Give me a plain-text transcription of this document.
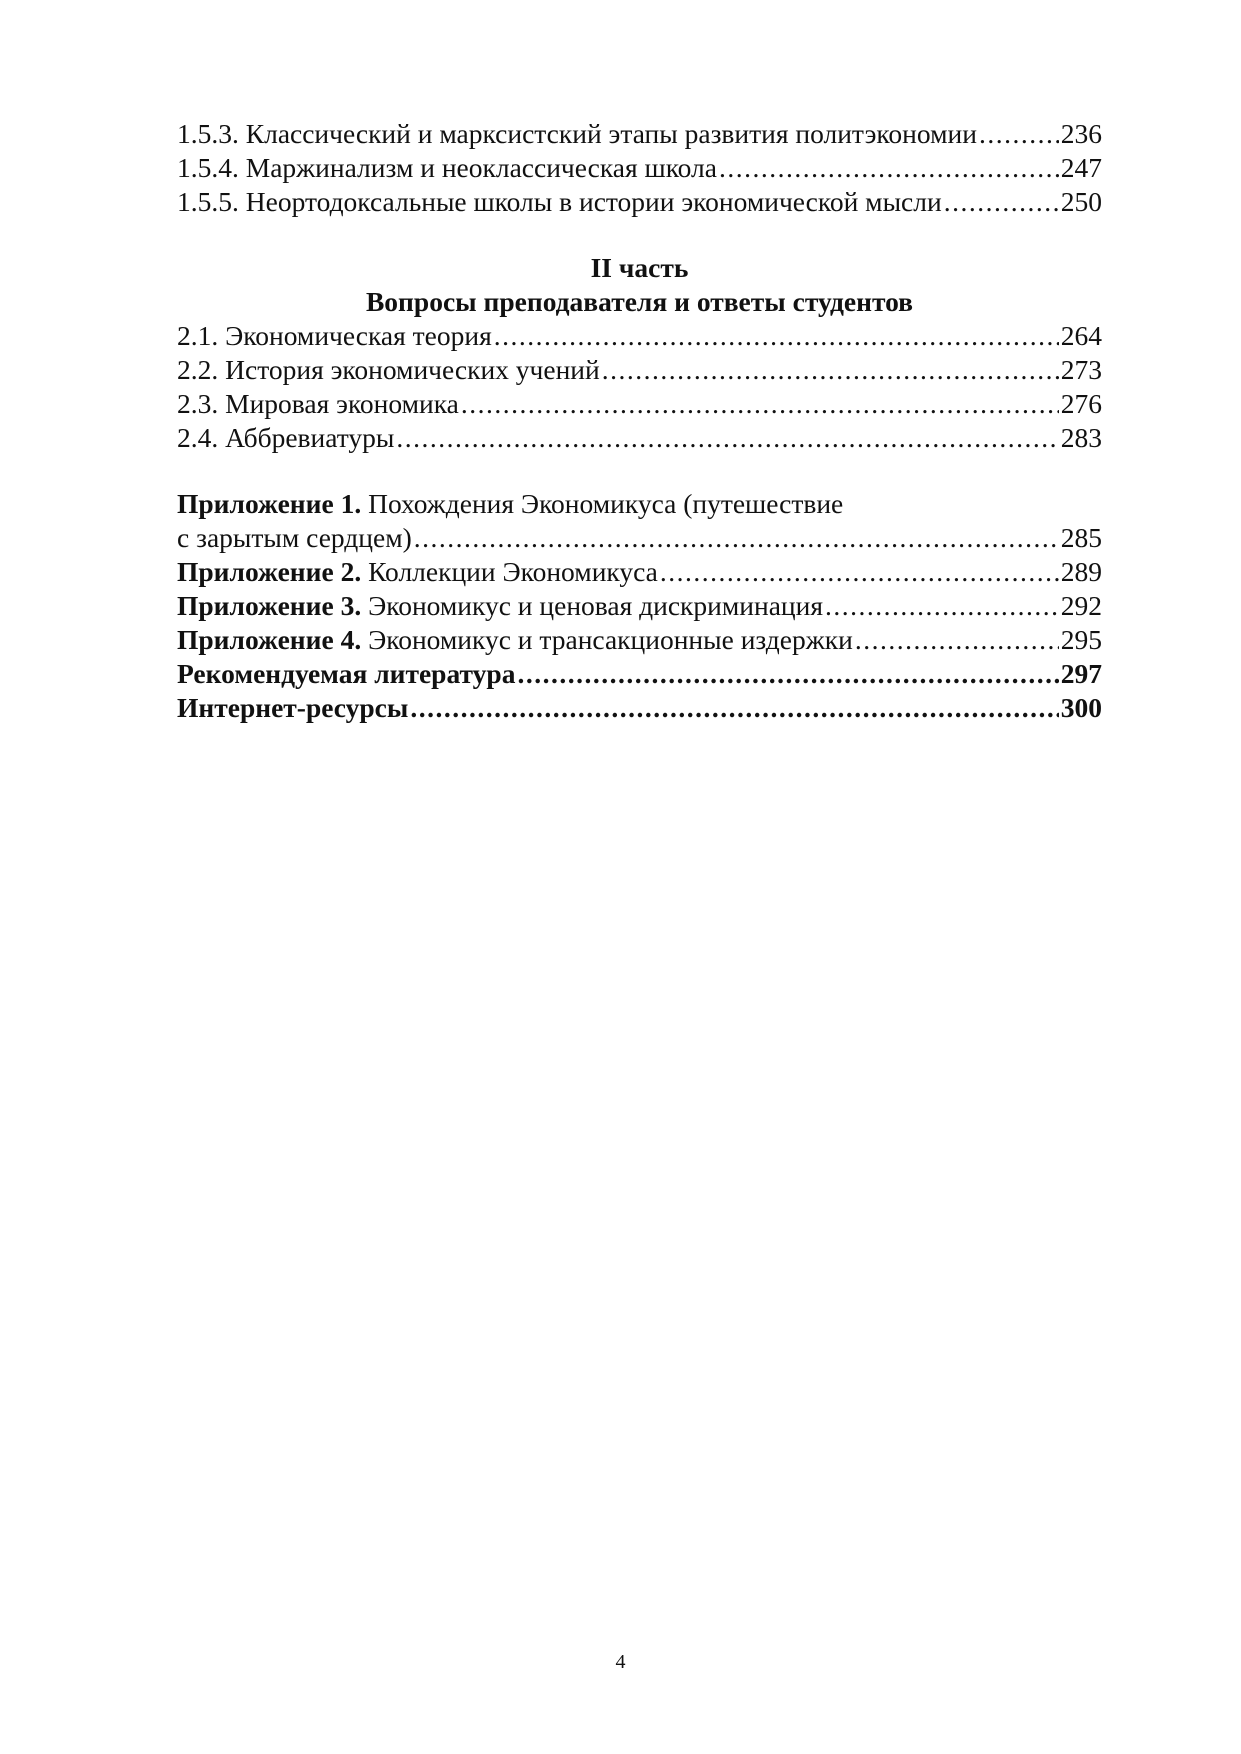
1.5.3. Классический и марксистский этапы развития политэкономии .....	236
1.5.4. Маржинализм и неоклассическая школа .....	247
1.5.5. Неортодоксальные школы в истории экономической мысли .....	250
II часть
Вопросы преподавателя и ответы студентов
2.1. Экономическая теория .....	264
2.2. История экономических учений .....	273
2.3. Мировая экономика .....	276
2.4. Аббревиатуры .....	283
Приложение 1. Похождения Экономикуса (путешествие
с зарытым сердцем) .....	285
Приложение 2. Коллекции Экономикуса .....	289
Приложение 3. Экономикус и ценовая дискриминация .....	292
Приложение 4. Экономикус и трансакционные издержки .....	295
Рекомендуемая литература .....	297
Интернет-ресурсы .....	300
4
